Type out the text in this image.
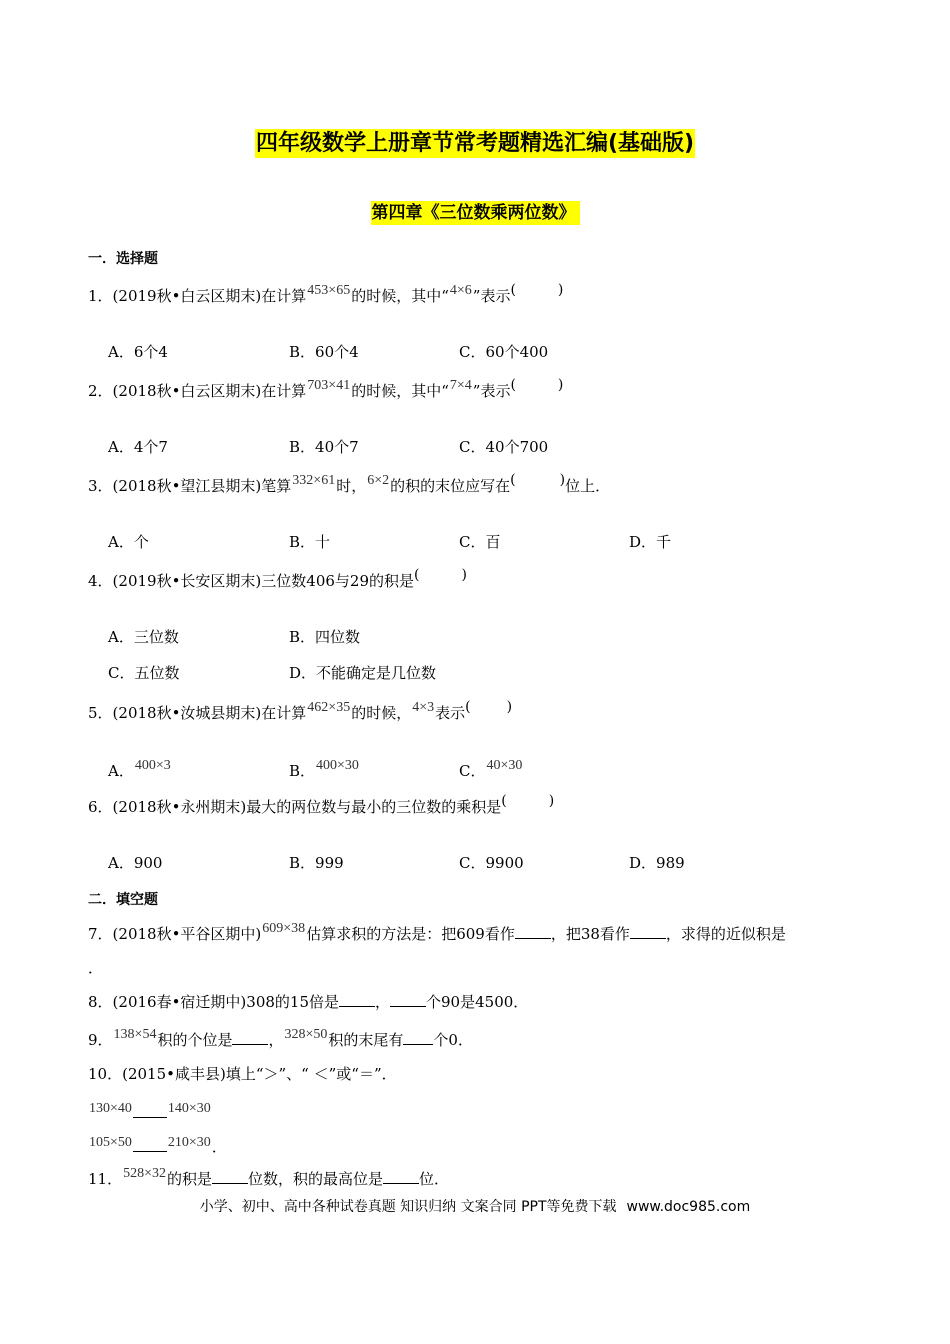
四年级数学上册章节常考题精选汇编(基础版)
第四章《三位数乘两位数》
一．选择题
1．(2019秋•白云区期末)在计算453×65的时候，其中“4×6”表示(	)
A．6个4	B．60个4	C．60个400
2．(2018秋•白云区期末)在计算703×41的时候，其中“7×4”表示(	)
A．4个7	B．40个7	C．40个700
3．(2018秋•望江县期末)笔算332×61时，6×2的积的末位应写在(	)位上．
A．个	B．十	C．百	D．千
4．(2019秋•长安区期末)三位数406与29的积是(	)
A．三位数	B．四位数
C．五位数	D．不能确定是几位数
5．(2018秋•汝城县期末)在计算462×35的时候，4×3表示(	)
A．400×3	B．400×30	C．40×30
6．(2018秋•永州期末)最大的两位数与最小的三位数的乘积是(	)
A．900	B．999	C．9900	D．989
二．填空题
7．(2018秋•平谷区期中)609×38估算求积的方法是：把609看作 ，把38看作 ，求得的近似积是
．
8．(2016春•宿迁期中)308的15倍是 ， 个90是4500．
9．138×54积的个位是 ，328×50积的末尾有 个0．
10．(2015•咸丰县)填上“＞”、“ ＜”或“＝”．
130×40	140×30
105×50	210×30．
11．528×32的积是 位数，积的最高位是 位．
小学、初中、高中各种试卷真题 知识归纳 文案合同 PPT等免费下载 www.doc985.com
